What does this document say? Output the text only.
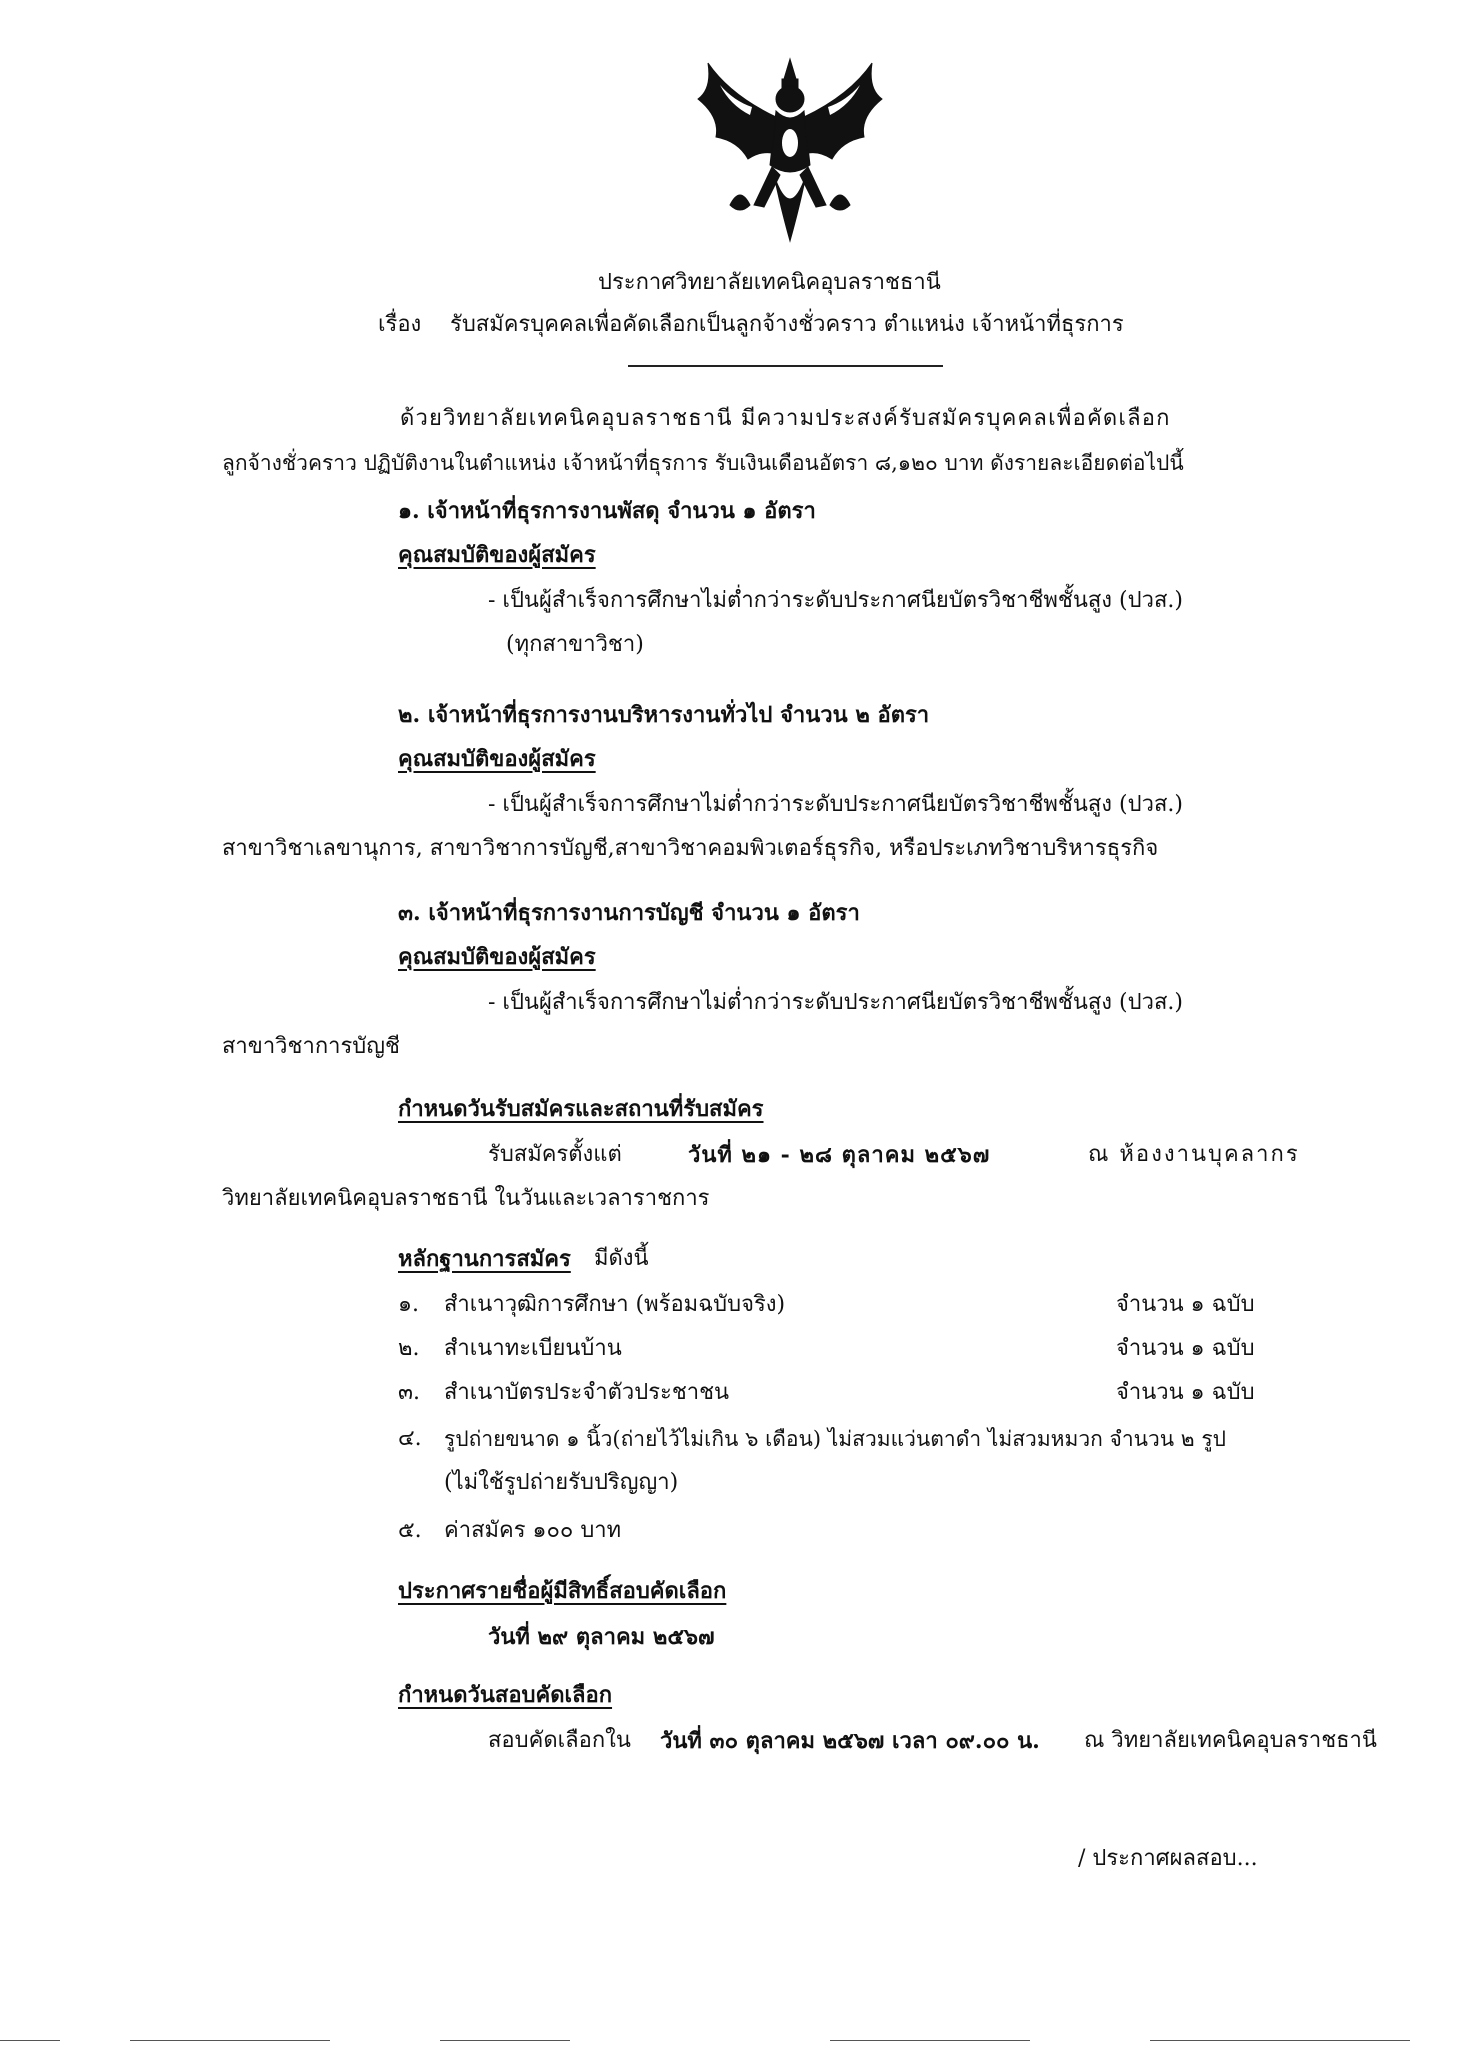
ประกาศวิทยาลัยเทคนิคอุบลราชธานี
เรื่อง รับสมัครบุคคลเพื่อคัดเลือกเป็นลูกจ้างชั่วคราว ตำแหน่ง เจ้าหน้าที่ธุรการ
ด้วยวิทยาลัยเทคนิคอุบลราชธานี มีความประสงค์รับสมัครบุคคลเพื่อคัดเลือก
ลูกจ้างชั่วคราว ปฏิบัติงานในตำแหน่ง เจ้าหน้าที่ธุรการ รับเงินเดือนอัตรา ๘,๑๒๐ บาท ดังรายละเอียดต่อไปนี้
๑. เจ้าหน้าที่ธุรการงานพัสดุ จำนวน ๑ อัตรา
คุณสมบัติของผู้สมัคร
- เป็นผู้สำเร็จการศึกษาไม่ต่ำกว่าระดับประกาศนียบัตรวิชาชีพชั้นสูง (ปวส.)
(ทุกสาขาวิชา)
๒. เจ้าหน้าที่ธุรการงานบริหารงานทั่วไป จำนวน ๒ อัตรา
คุณสมบัติของผู้สมัคร
- เป็นผู้สำเร็จการศึกษาไม่ต่ำกว่าระดับประกาศนียบัตรวิชาชีพชั้นสูง (ปวส.)
สาขาวิชาเลขานุการ, สาขาวิชาการบัญชี,สาขาวิชาคอมพิวเตอร์ธุรกิจ, หรือประเภทวิชาบริหารธุรกิจ
๓. เจ้าหน้าที่ธุรการงานการบัญชี จำนวน ๑ อัตรา
คุณสมบัติของผู้สมัคร
- เป็นผู้สำเร็จการศึกษาไม่ต่ำกว่าระดับประกาศนียบัตรวิชาชีพชั้นสูง (ปวส.)
สาขาวิชาการบัญชี
กำหนดวันรับสมัครและสถานที่รับสมัคร
รับสมัครตั้งแต่	วันที่ ๒๑ - ๒๘ ตุลาคม ๒๕๖๗	ณ ห้องงานบุคลากร
วิทยาลัยเทคนิคอุบลราชธานี ในวันและเวลาราชการ
หลักฐานการสมัคร มีดังนี้
๑. สำเนาวุฒิการศึกษา (พร้อมฉบับจริง)	จำนวน ๑ ฉบับ
๒. สำเนาทะเบียนบ้าน	จำนวน ๑ ฉบับ
๓. สำเนาบัตรประจำตัวประชาชน	จำนวน ๑ ฉบับ
๔. รูปถ่ายขนาด ๑ นิ้ว(ถ่ายไว้ไม่เกิน ๖ เดือน) ไม่สวมแว่นตาดำ ไม่สวมหมวก จำนวน ๒ รูป
(ไม่ใช้รูปถ่ายรับปริญญา)
๕. ค่าสมัคร ๑๐๐ บาท
ประกาศรายชื่อผู้มีสิทธิ์สอบคัดเลือก
วันที่ ๒๙ ตุลาคม ๒๕๖๗
กำหนดวันสอบคัดเลือก
สอบคัดเลือกใน วันที่ ๓๐ ตุลาคม ๒๕๖๗ เวลา ๐๙.๐๐ น. ณ วิทยาลัยเทคนิคอุบลราชธานี
/ ประกาศผลสอบ...
